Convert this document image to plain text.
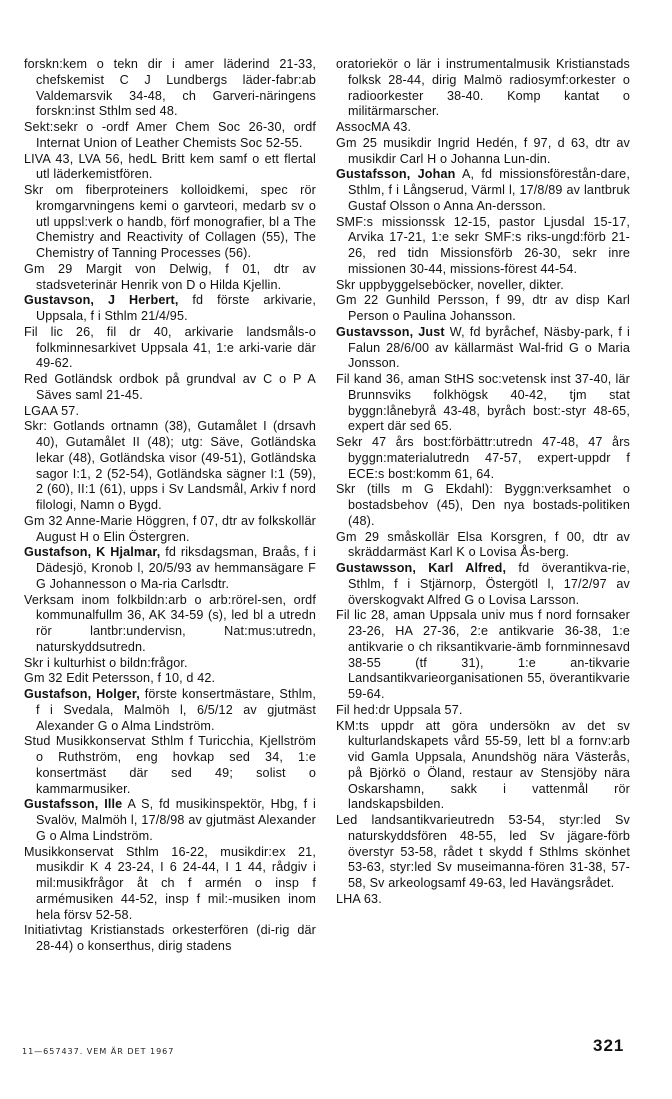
forskn:kem o tekn dir i amer läderind 21-33, chefskemist C J Lundbergs läder-fabr:ab Valdemarsvik 34-48, ch Garveri-näringens forskn:inst Sthlm sed 48.

Sekt:sekr o -ordf Amer Chem Soc 26-30, ordf Internat Union of Leather Chemists Soc 52-55.

LIVA 43, LVA 56, hedL Britt kem samf o ett flertal utl läderkemistfören.

Skr om fiberproteiners kolloidkemi, spec rör kromgarvningens kemi o garvteori, medarb sv o utl uppsl:verk o handb, förf monografier, bl a The Chemistry and Reactivity of Collagen (55), The Chemistry of Tanning Processes (56).

Gm 29 Margit von Delwig, f 01, dtr av stadsveterinär Henrik von D o Hilda Kjellin.

Gustavson, J Herbert, fd förste arkivarie, Uppsala, f i Sthlm 21/4/95.

Fil lic 26, fil dr 40, arkivarie landsmåls-o folkminnesarkivet Uppsala 41, 1:e arki-varie där 49-62.

Red Gotländsk ordbok på grundval av C o P A Säves saml 21-45.

LGAA 57.

Skr: Gotlands ortnamn (38), Gutamålet I (drsavh 40), Gutamålet II (48); utg: Säve, Gotländska lekar (48), Gotländska visor (49-51), Gotländska sagor I:1, 2 (52-54), Gotländska sägner I:1 (59), 2 (60), II:1 (61), upps i Sv Landsmål, Arkiv f nord filologi, Namn o Bygd.

Gm 32 Anne-Marie Höggren, f 07, dtr av folkskollär August H o Elin Östergren.

Gustafson, K Hjalmar, fd riksdagsman, Braås, f i Dädesjö, Kronob l, 20/5/93 av hemmansägare F G Johannesson o Ma-ria Carlsdtr.

Verksam inom folkbildn:arb o arb:rörel-sen, ordf kommunalfullm 36, AK 34-59 (s), led bl a utredn rör lantbr:undervisn, Nat:mus:utredn, naturskyddsutredn.

Skr i kulturhist o bildn:frågor.

Gm 32 Edit Petersson, f 10, d 42.

Gustafson, Holger, förste konsertmästare, Sthlm, f i Svedala, Malmöh l, 6/5/12 av gjutmäst Alexander G o Alma Lindström.

Stud Musikkonservat Sthlm f Turicchia, Kjellström o Ruthström, eng hovkap sed 34, 1:e konsertmäst där sed 49; solist o kammarmusiker.

Gustafsson, Ille A S, fd musikinspektör, Hbg, f i Svalöv, Malmöh l, 17/8/98 av gjutmäst Alexander G o Alma Lindström.

Musikkonservat Sthlm 16-22, musikdir:ex 21, musikdir K 4 23-24, I 6 24-44, I 1 44, rådgiv i mil:musikfrågor åt ch f armén o insp f armémusiken 44-52, insp f mil:-musiken inom hela försv 52-58.

Initiativtag Kristianstads orkesterfören (di-rig där 28-44) o konserthus, dirig stadens

oratoriekör o lär i instrumentalmusik Kristianstads folksk 28-44, dirig Malmö radiosymf:orkester o radioorkester 38-40. Komp kantat o militärmarscher.

AssocMA 43.

Gm 25 musikdir Ingrid Hedén, f 97, d 63, dtr av musikdir Carl H o Johanna Lun-din.

Gustafsson, Johan A, fd missionsförestån-dare, Sthlm, f i Långserud, Värml l, 17/8/89 av lantbruk Gustaf Olsson o Anna An-dersson.

SMF:s missionssk 12-15, pastor Ljusdal 15-17, Arvika 17-21, 1:e sekr SMF:s riks-ungd:förb 21-26, red tidn Missionsförb 26-30, sekr inre missionen 30-44, missions-förest 44-54.

Skr uppbyggelseböcker, noveller, dikter.

Gm 22 Gunhild Persson, f 99, dtr av disp Karl Person o Paulina Johansson.

Gustavsson, Just W, fd byråchef, Näsby-park, f i Falun 28/6/00 av källarmäst Wal-frid G o Maria Jonsson.

Fil kand 36, aman StHS soc:vetensk inst 37-40, lär Brunnsviks folkhögsk 40-42, tjm stat byggn:lånebyrå 43-48, byråch bost:-styr 48-65, expert där sed 65.

Sekr 47 års bost:förbättr:utredn 47-48, 47 års byggn:materialutredn 47-57, expert-uppdr f ECE:s bost:komm 61, 64.

Skr (tills m G Ekdahl): Byggn:verksamhet o bostadsbehov (45), Den nya bostads-politiken (48).

Gm 29 småskollär Elsa Korsgren, f 00, dtr av skräddarmäst Karl K o Lovisa Ås-berg.

Gustawsson, Karl Alfred, fd överantikva-rie, Sthlm, f i Stjärnorp, Östergötl l, 17/2/97 av överskogvakt Alfred G o Lovisa Larsson.

Fil lic 28, aman Uppsala univ mus f nord fornsaker 23-26, HA 27-36, 2:e antikvarie 36-38, 1:e antikvarie o ch riksantikvarie-ämb fornminnesavd 38-55 (tf 31), 1:e an-tikvarie Landsantikvarieorganisationen 55, överantikvarie 59-64.

Fil hed:dr Uppsala 57.

KM:ts uppdr att göra undersökn av det sv kulturlandskapets vård 55-59, lett bl a fornv:arb vid Gamla Uppsala, Anundshög nära Västerås, på Björkö o Öland, restaur av Stensjöby nära Oskarshamn, sakk i vattenmål rör landskapsbilden.

Led landsantikvarieutredn 53-54, styr:led Sv naturskyddsfören 48-55, led Sv jägare-förb överstyr 53-58, rådet t skydd f Sthlms skönhet 53-63, styr:led Sv museimanna-fören 31-38, 57-58, Sv arkeologsamf 49-63, led Havängsrådet.

LHA 63.

11—657437. VEM ÄR DET 1967	321
